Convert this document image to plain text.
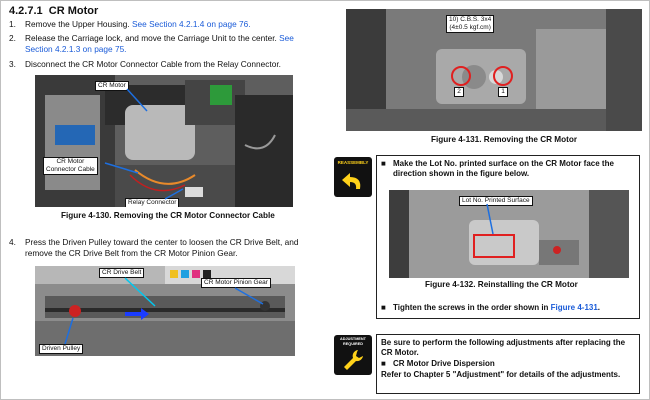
4.2.7.1 CR Motor
1. Remove the Upper Housing. See Section 4.2.1.4 on page 76.
2. Release the Carriage lock, and move the Carriage Unit to the center. See Section 4.2.1.3 on page 75.
3. Disconnect the CR Motor Connector Cable from the Relay Connector.
CR Motor
CR Motor
Connector Cable
Relay Connector
Figure 4-130. Removing the CR Motor Connector Cable
4. Press the Driven Pulley toward the center to loosen the CR Drive Belt, and remove the CR Drive Belt from the CR Motor Pinion Gear.
CR Drive Belt
CR Motor Pinion Gear
Driven Pulley
10) C.B.S. 3x4
(4±0.5 kgf.cm)
2	1
Figure 4-131. Removing the CR Motor
REASSEMBLY	■ Make the Lot No. printed surface on the CR Motor face the direction shown in the figure below.
Lot No. Printed Surface
Figure 4-132. Reinstalling the CR Motor
■ Tighten the screws in the order shown in Figure 4-131.
ADJUSTMENT REQUIRED	Be sure to perform the following adjustments after replacing the CR Motor.
■ CR Motor Drive Dispersion
Refer to Chapter 5 "Adjustment" for details of the adjustments.
